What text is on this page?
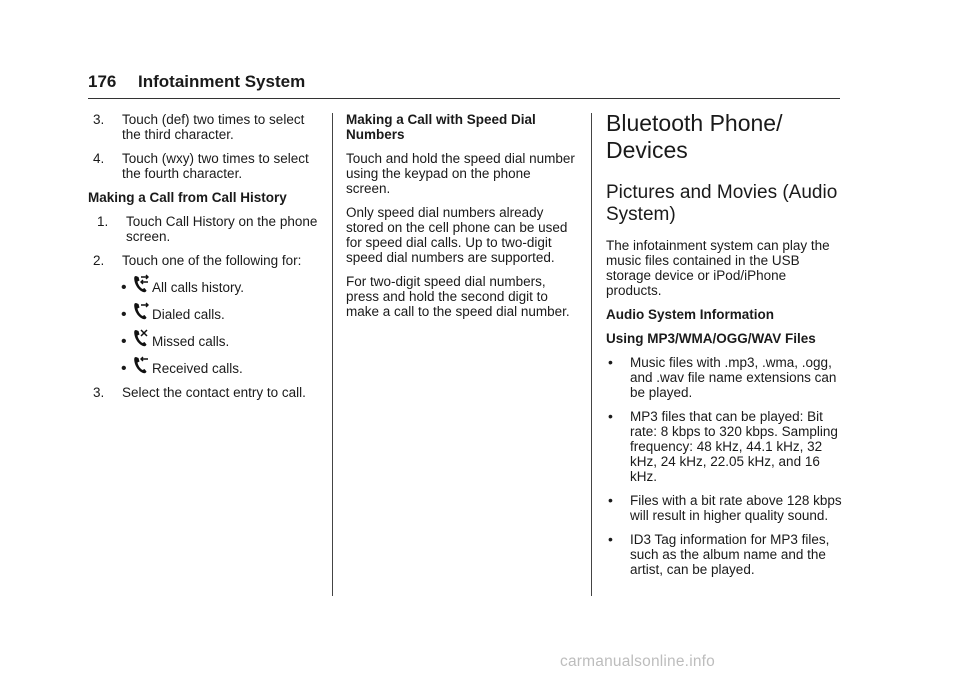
176 Infotainment System
3.	Touch (def) two times to select the third character.
4.	Touch (wxy) two times to select the fourth character.

Making a Call from Call History

1.	Touch Call History on the phone screen.
2.	Touch one of the following for:
•	All calls history.
•	Dialed calls.
•	Missed calls.
•	Received calls.
3.	Select the contact entry to call.

Making a Call with Speed Dial Numbers

Touch and hold the speed dial number using the keypad on the phone screen.

Only speed dial numbers already stored on the cell phone can be used for speed dial calls. Up to two-digit speed dial numbers are supported.

For two-digit speed dial numbers, press and hold the second digit to make a call to the speed dial number.

Bluetooth Phone/ Devices
Pictures and Movies (Audio System)

The infotainment system can play the music files contained in the USB storage device or iPod/iPhone products.

Audio System Information

Using MP3/WMA/OGG/WAV Files

•	Music files with .mp3, .wma, .ogg, and .wav file name extensions can be played.
•	MP3 files that can be played: Bit rate: 8 kbps to 320 kbps. Sampling frequency: 48 kHz, 44.1 kHz, 32 kHz, 24 kHz, 22.05 kHz, and 16 kHz.
•	Files with a bit rate above 128 kbps will result in higher quality sound.
•	ID3 Tag information for MP3 files, such as the album name and the artist, can be played.
carmanualsonline.info
